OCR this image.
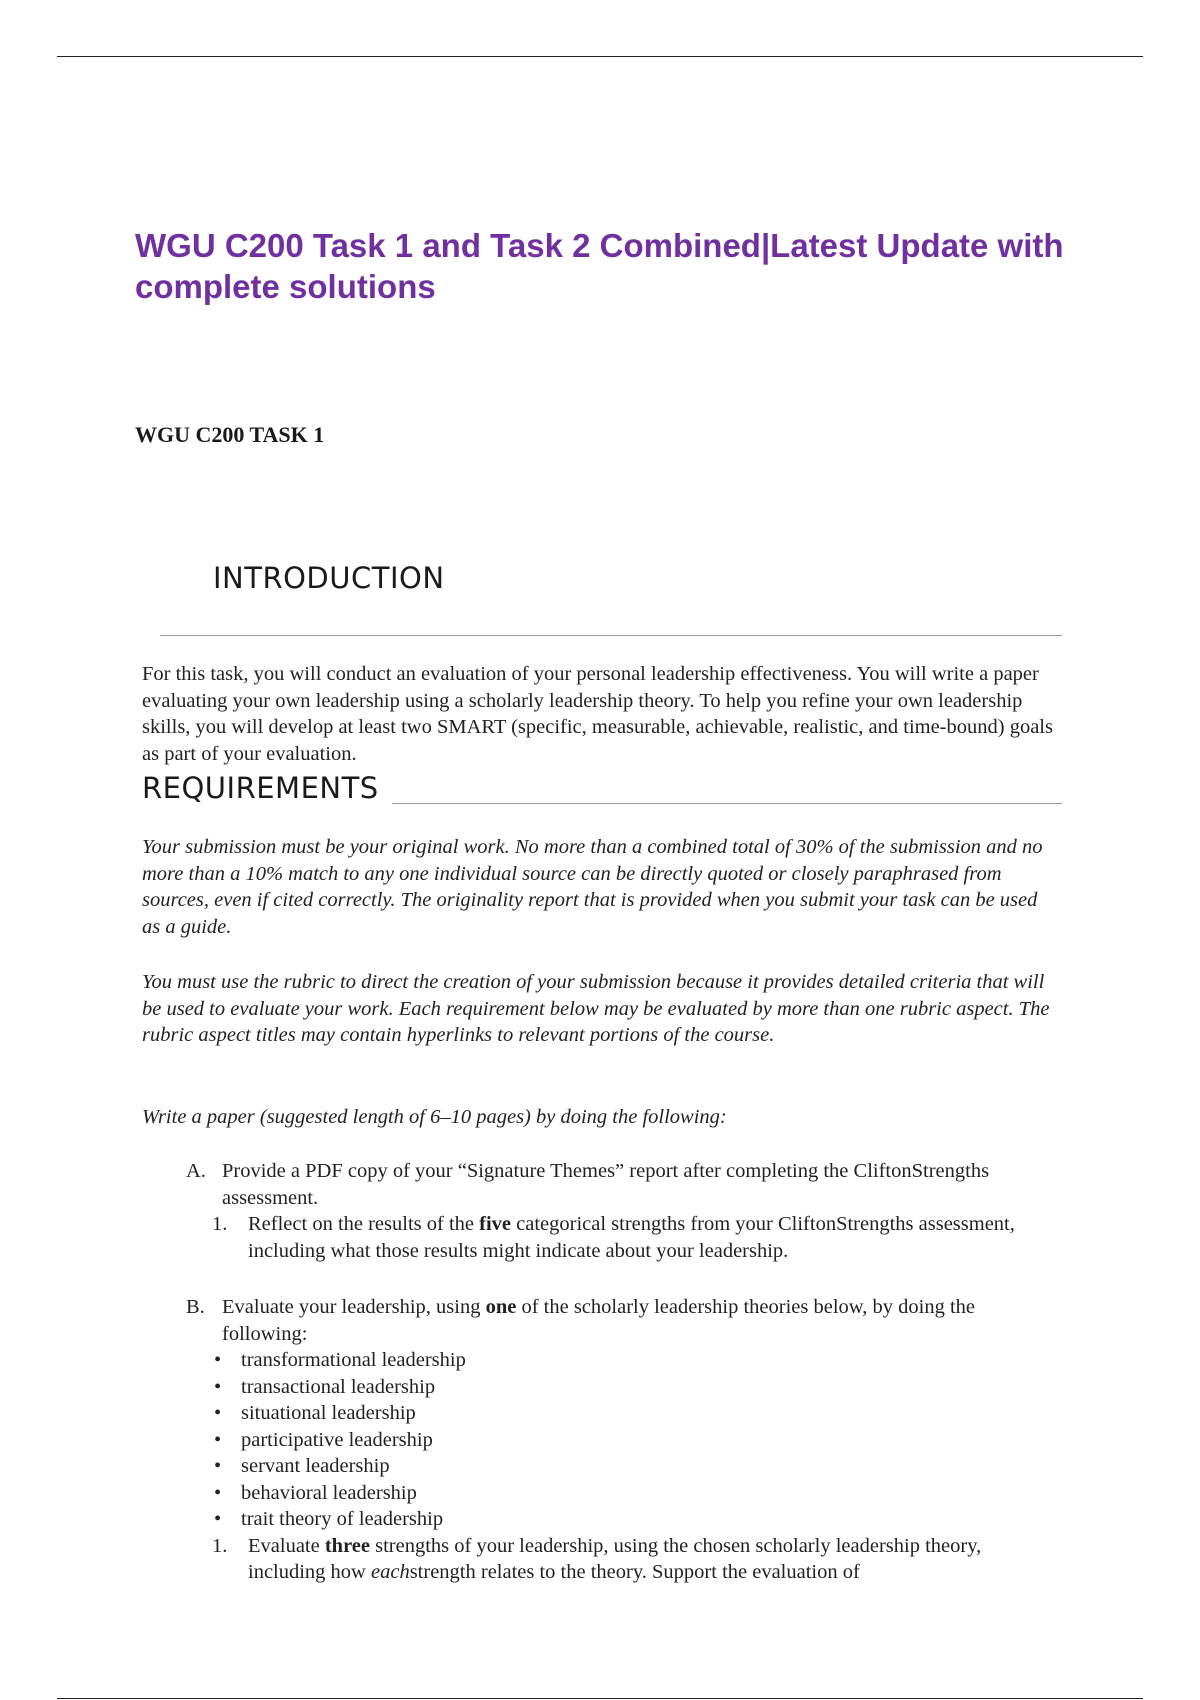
WGU C200 Task 1 and Task 2 Combined|Latest Update with complete solutions
WGU C200 TASK 1
INTRODUCTION

For this task, you will conduct an evaluation of your personal leadership effectiveness. You will write a paper evaluating your own leadership using a scholarly leadership theory. To help you refine your own leadership skills, you will develop at least two SMART (specific, measurable, achievable, realistic, and time-bound) goals as part of your evaluation.

REQUIREMENTS

Your submission must be your original work. No more than a combined total of 30% of the submission and no more than a 10% match to any one individual source can be directly quoted or closely paraphrased from sources, even if cited correctly. The originality report that is provided when you submit your task can be used as a guide.

You must use the rubric to direct the creation of your submission because it provides detailed criteria that will be used to evaluate your work. Each requirement below may be evaluated by more than one rubric aspect. The rubric aspect titles may contain hyperlinks to relevant portions of the course.

Write a paper (suggested length of 6–10 pages) by doing the following:

A. Provide a PDF copy of your “Signature Themes” report after completing the CliftonStrengths assessment.
1. Reflect on the results of the five categorical strengths from your CliftonStrengths assessment, including what those results might indicate about your leadership.
B. Evaluate your leadership, using one of the scholarly leadership theories below, by doing the following:
• transformational leadership
• transactional leadership
• situational leadership
• participative leadership
• servant leadership
• behavioral leadership
• trait theory of leadership
1. Evaluate three strengths of your leadership, using the chosen scholarly leadership theory, including how eachstrength relates to the theory. Support the evaluation of
